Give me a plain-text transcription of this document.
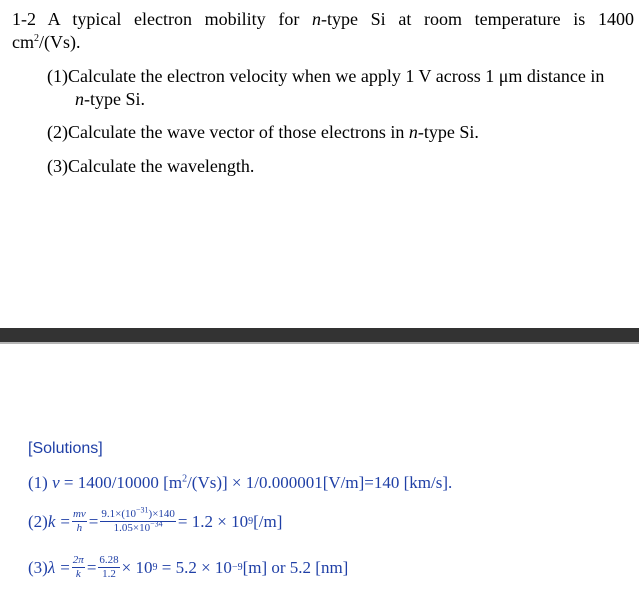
1-2 A typical electron mobility for n-type Si at room temperature is 1400
$cm^2/(Vs)$.
(1)Calculate the electron velocity when we apply 1 V across 1 μm distance in
n-type Si.
(2)Calculate the wave vector of those electrons in n-type Si.
(3)Calculate the wavelength.
[Solutions]
(1) v = 1400/10000 $[m^2/(Vs)] \times 1/0.000001[V/m]=140$ [km/s].
(2) $k = \frac{mv}{h} = \frac{9.1\times(10^{-31})\times 140}{1.05\times 10^{-34}} = 1.2 \times 10$ 9 [/m]
(3) $\lambda = \frac{2\pi}{k} = \frac{6.28}{1.2} \times 10$ 9 = 5.2 × 10 −9 [m] or 5.2 [nm]
